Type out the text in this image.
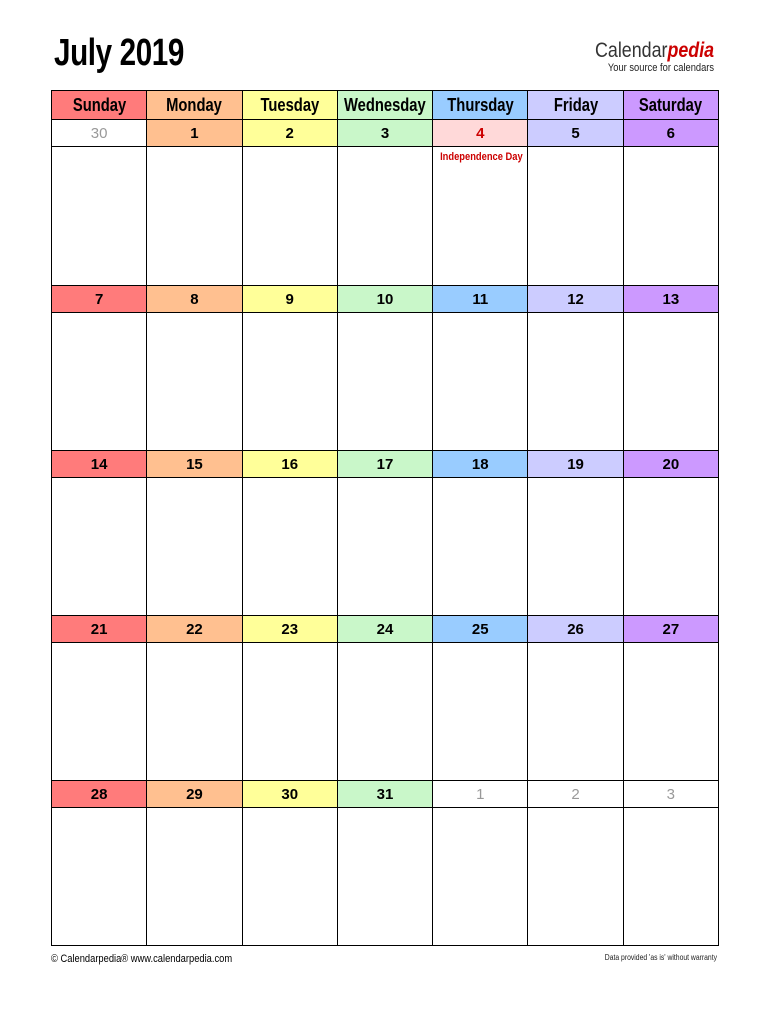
July 2019	Calendarpedia
Your source for calendars
Sunday Monday Tuesday Wednesday Thursday Friday Saturday
30	1	2	3	4	5	6
Independence Day
7	8	9	10	11	12	13
14	15	16	17	18	19	20
21	22	23	24	25	26	27
28	29	30	31	1	2	3
© Calendarpedia® www.calendarpedia.com	Data provided 'as is' without warranty
